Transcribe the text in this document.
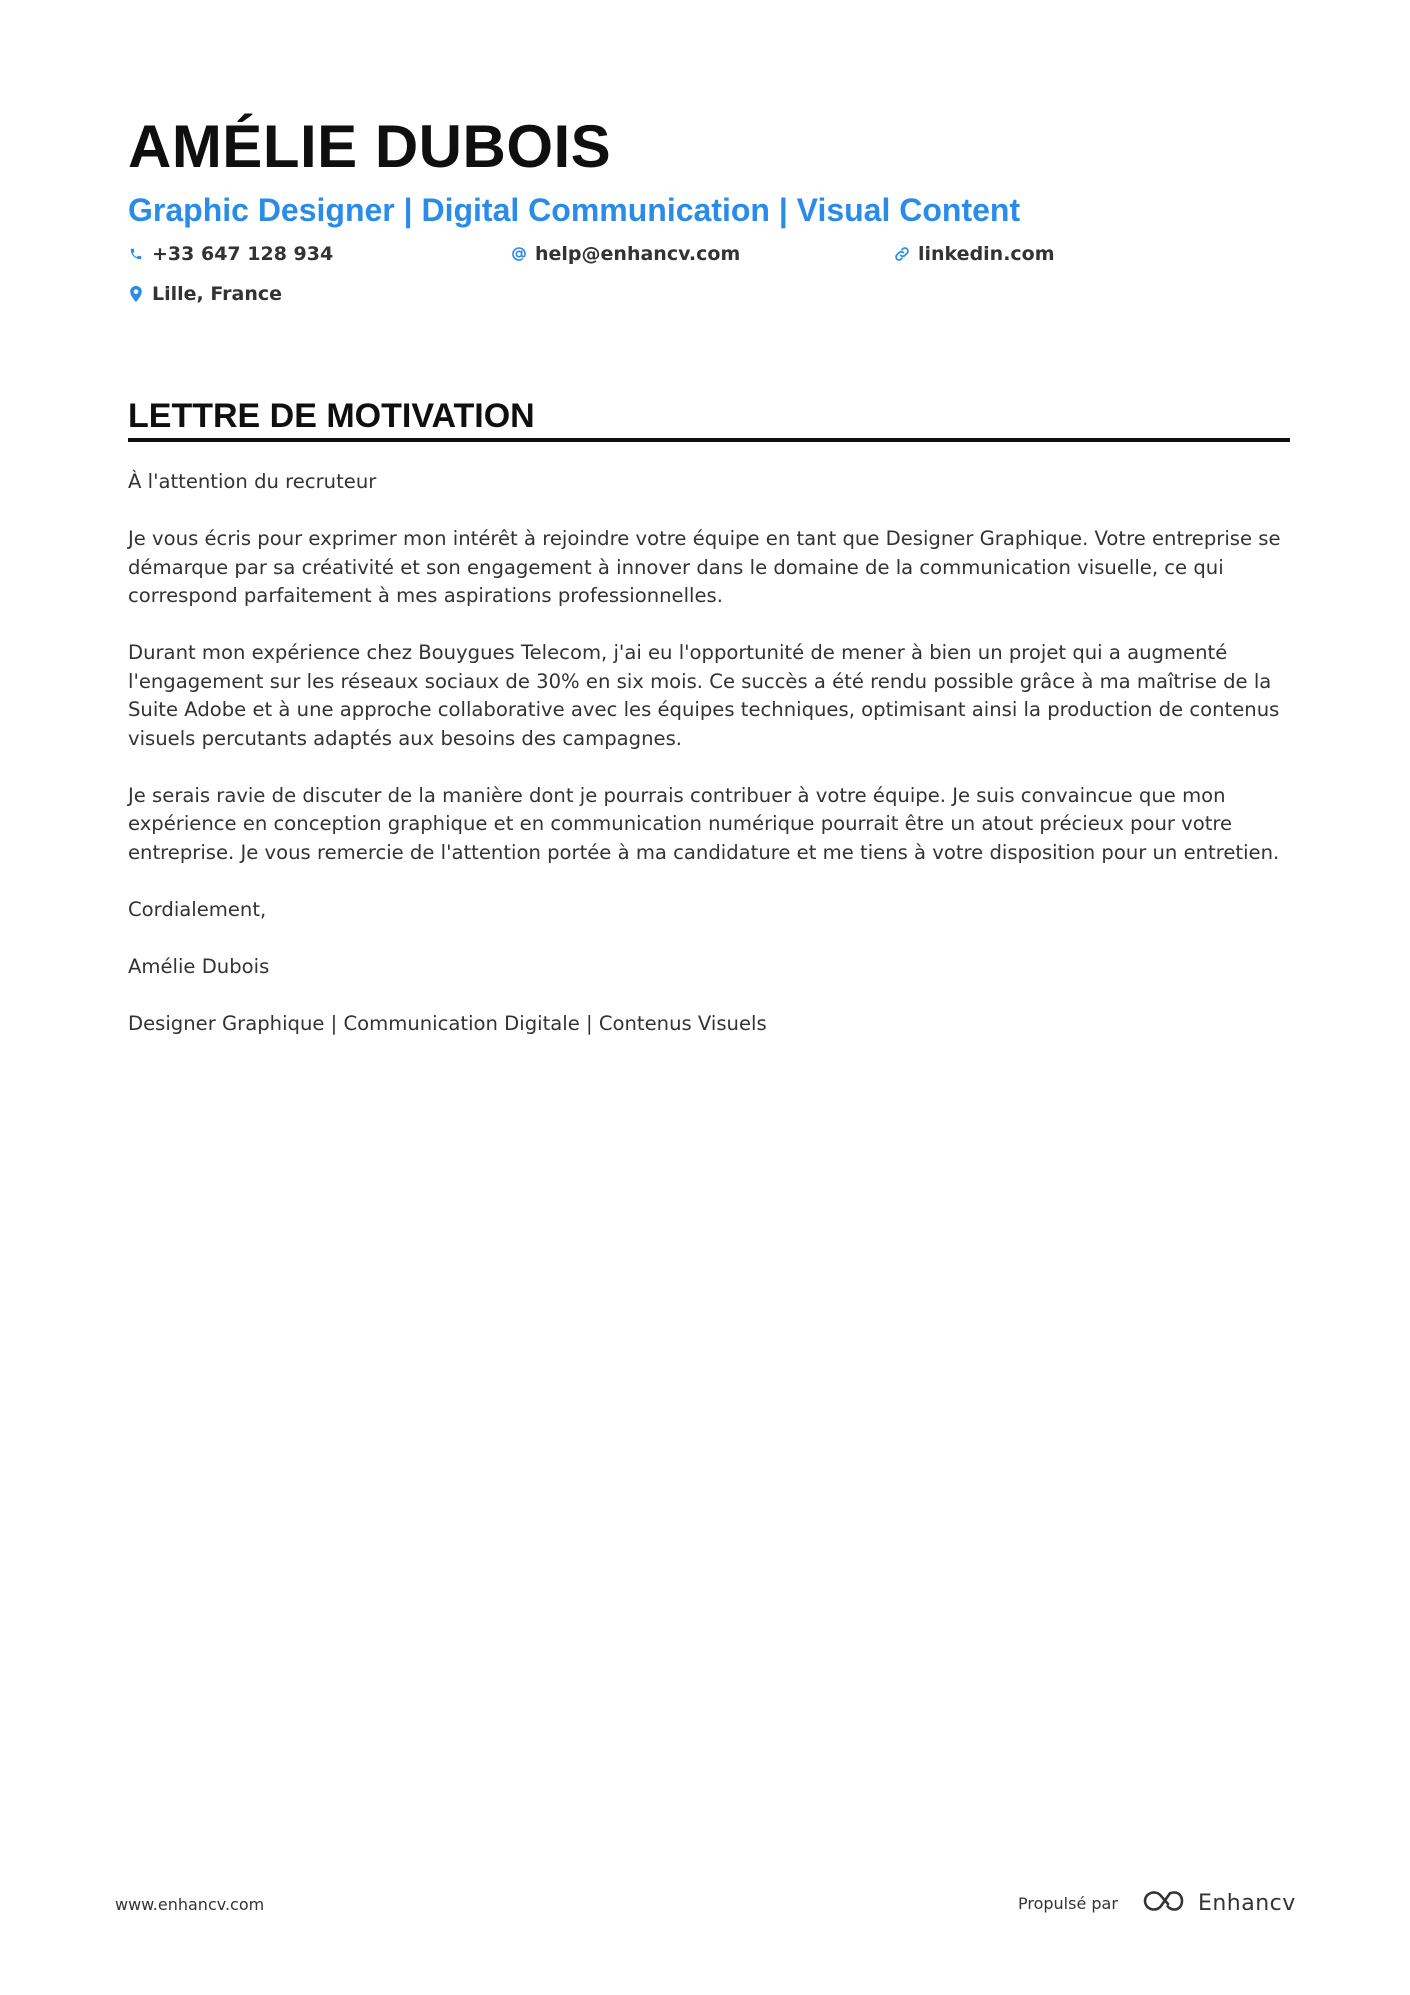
AMÉLIE DUBOIS
Graphic Designer | Digital Communication | Visual Content
+33 647 128 934	help@enhancv.com	linkedin.com
Lille, France
LETTRE DE MOTIVATION

À l'attention du recruteur

Je vous écris pour exprimer mon intérêt à rejoindre votre équipe en tant que Designer Graphique. Votre entreprise se démarque par sa créativité et son engagement à innover dans le domaine de la communication visuelle, ce qui correspond parfaitement à mes aspirations professionnelles.

Durant mon expérience chez Bouygues Telecom, j'ai eu l'opportunité de mener à bien un projet qui a augmenté l'engagement sur les réseaux sociaux de 30% en six mois. Ce succès a été rendu possible grâce à ma maîtrise de la Suite Adobe et à une approche collaborative avec les équipes techniques, optimisant ainsi la production de contenus visuels percutants adaptés aux besoins des campagnes.

Je serais ravie de discuter de la manière dont je pourrais contribuer à votre équipe. Je suis convaincue que mon expérience en conception graphique et en communication numérique pourrait être un atout précieux pour votre entreprise. Je vous remercie de l'attention portée à ma candidature et me tiens à votre disposition pour un entretien.

Cordialement,

Amélie Dubois

Designer Graphique | Communication Digitale | Contenus Visuels

www.enhancv.com	Propulsé par	Enhancv
